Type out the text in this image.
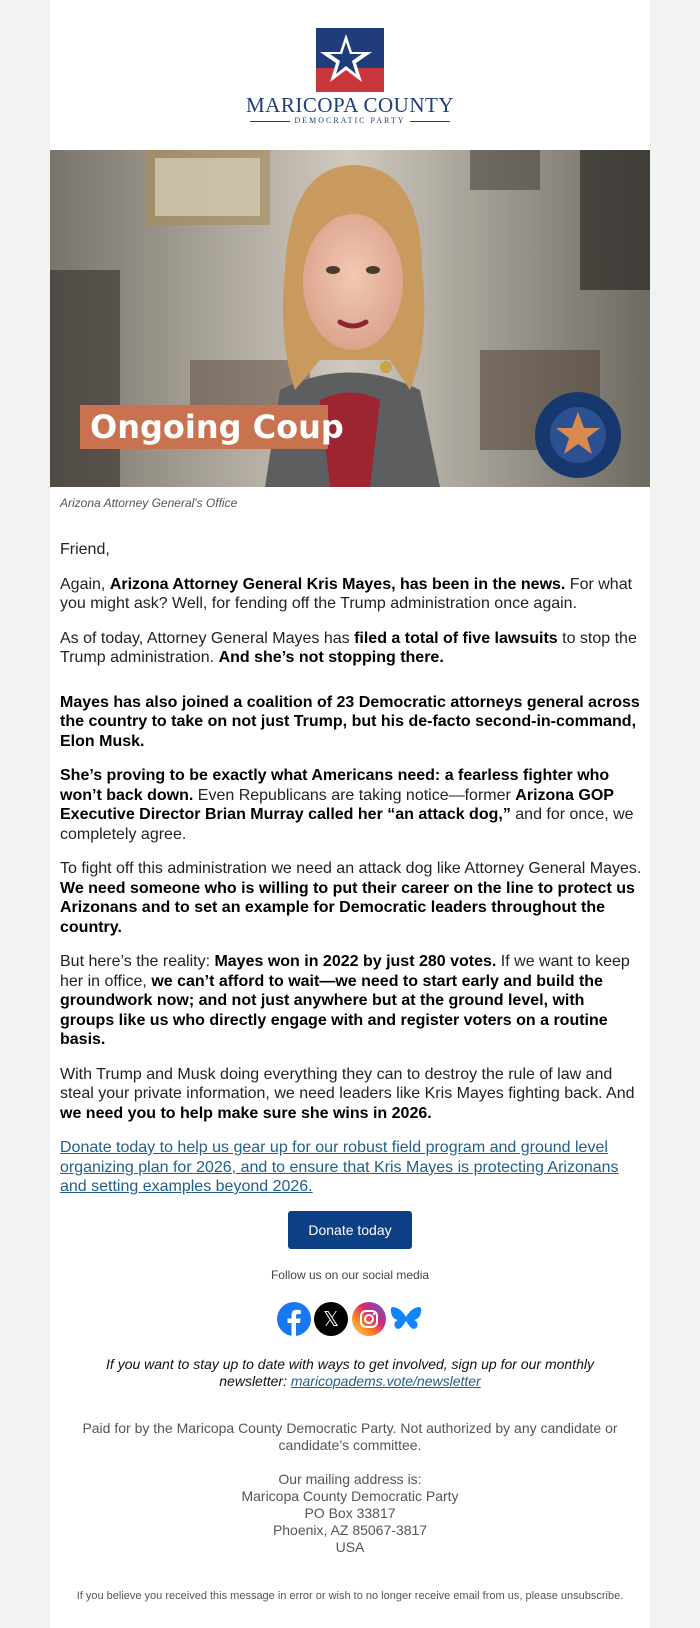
MARICOPA COUNTY
DEMOCRATIC PARTY
Ongoing Coup
Arizona Attorney General's Office

Friend,

Again, Arizona Attorney General Kris Mayes, has been in the news. For what you might ask? Well, for fending off the Trump administration once again.

As of today, Attorney General Mayes has filed a total of five lawsuits to stop the Trump administration. And she’s not stopping there.

Mayes has also joined a coalition of 23 Democratic attorneys general across the country to take on not just Trump, but his de-facto second-in-command, Elon Musk.

She’s proving to be exactly what Americans need: a fearless fighter who won’t back down. Even Republicans are taking notice—former Arizona GOP Executive Director Brian Murray called her “an attack dog,” and for once, we completely agree.

To fight off this administration we need an attack dog like Attorney General Mayes. We need someone who is willing to put their career on the line to protect us Arizonans and to set an example for Democratic leaders throughout the country.

But here’s the reality: Mayes won in 2022 by just 280 votes. If we want to keep her in office, we can’t afford to wait—we need to start early and build the groundwork now; and not just anywhere but at the ground level, with groups like us who directly engage with and register voters on a routine basis.

With Trump and Musk doing everything they can to destroy the rule of law and steal your private information, we need leaders like Kris Mayes fighting back. And we need you to help make sure she wins in 2026.

Donate today to help us gear up for our robust field program and ground level organizing plan for 2026, and to ensure that Kris Mayes is protecting Arizonans and setting examples beyond 2026.

Donate today
Follow us on our social media
𝕏
If you want to stay up to date with ways to get involved, sign up for our monthly newsletter: maricopadems.vote/newsletter
Paid for by the Maricopa County Democratic Party. Not authorized by any candidate or candidate’s committee.
Our mailing address is:
Maricopa County Democratic Party
PO Box 33817
Phoenix, AZ 85067-3817
USA
If you believe you received this message in error or wish to no longer receive email from us, please unsubscribe.
